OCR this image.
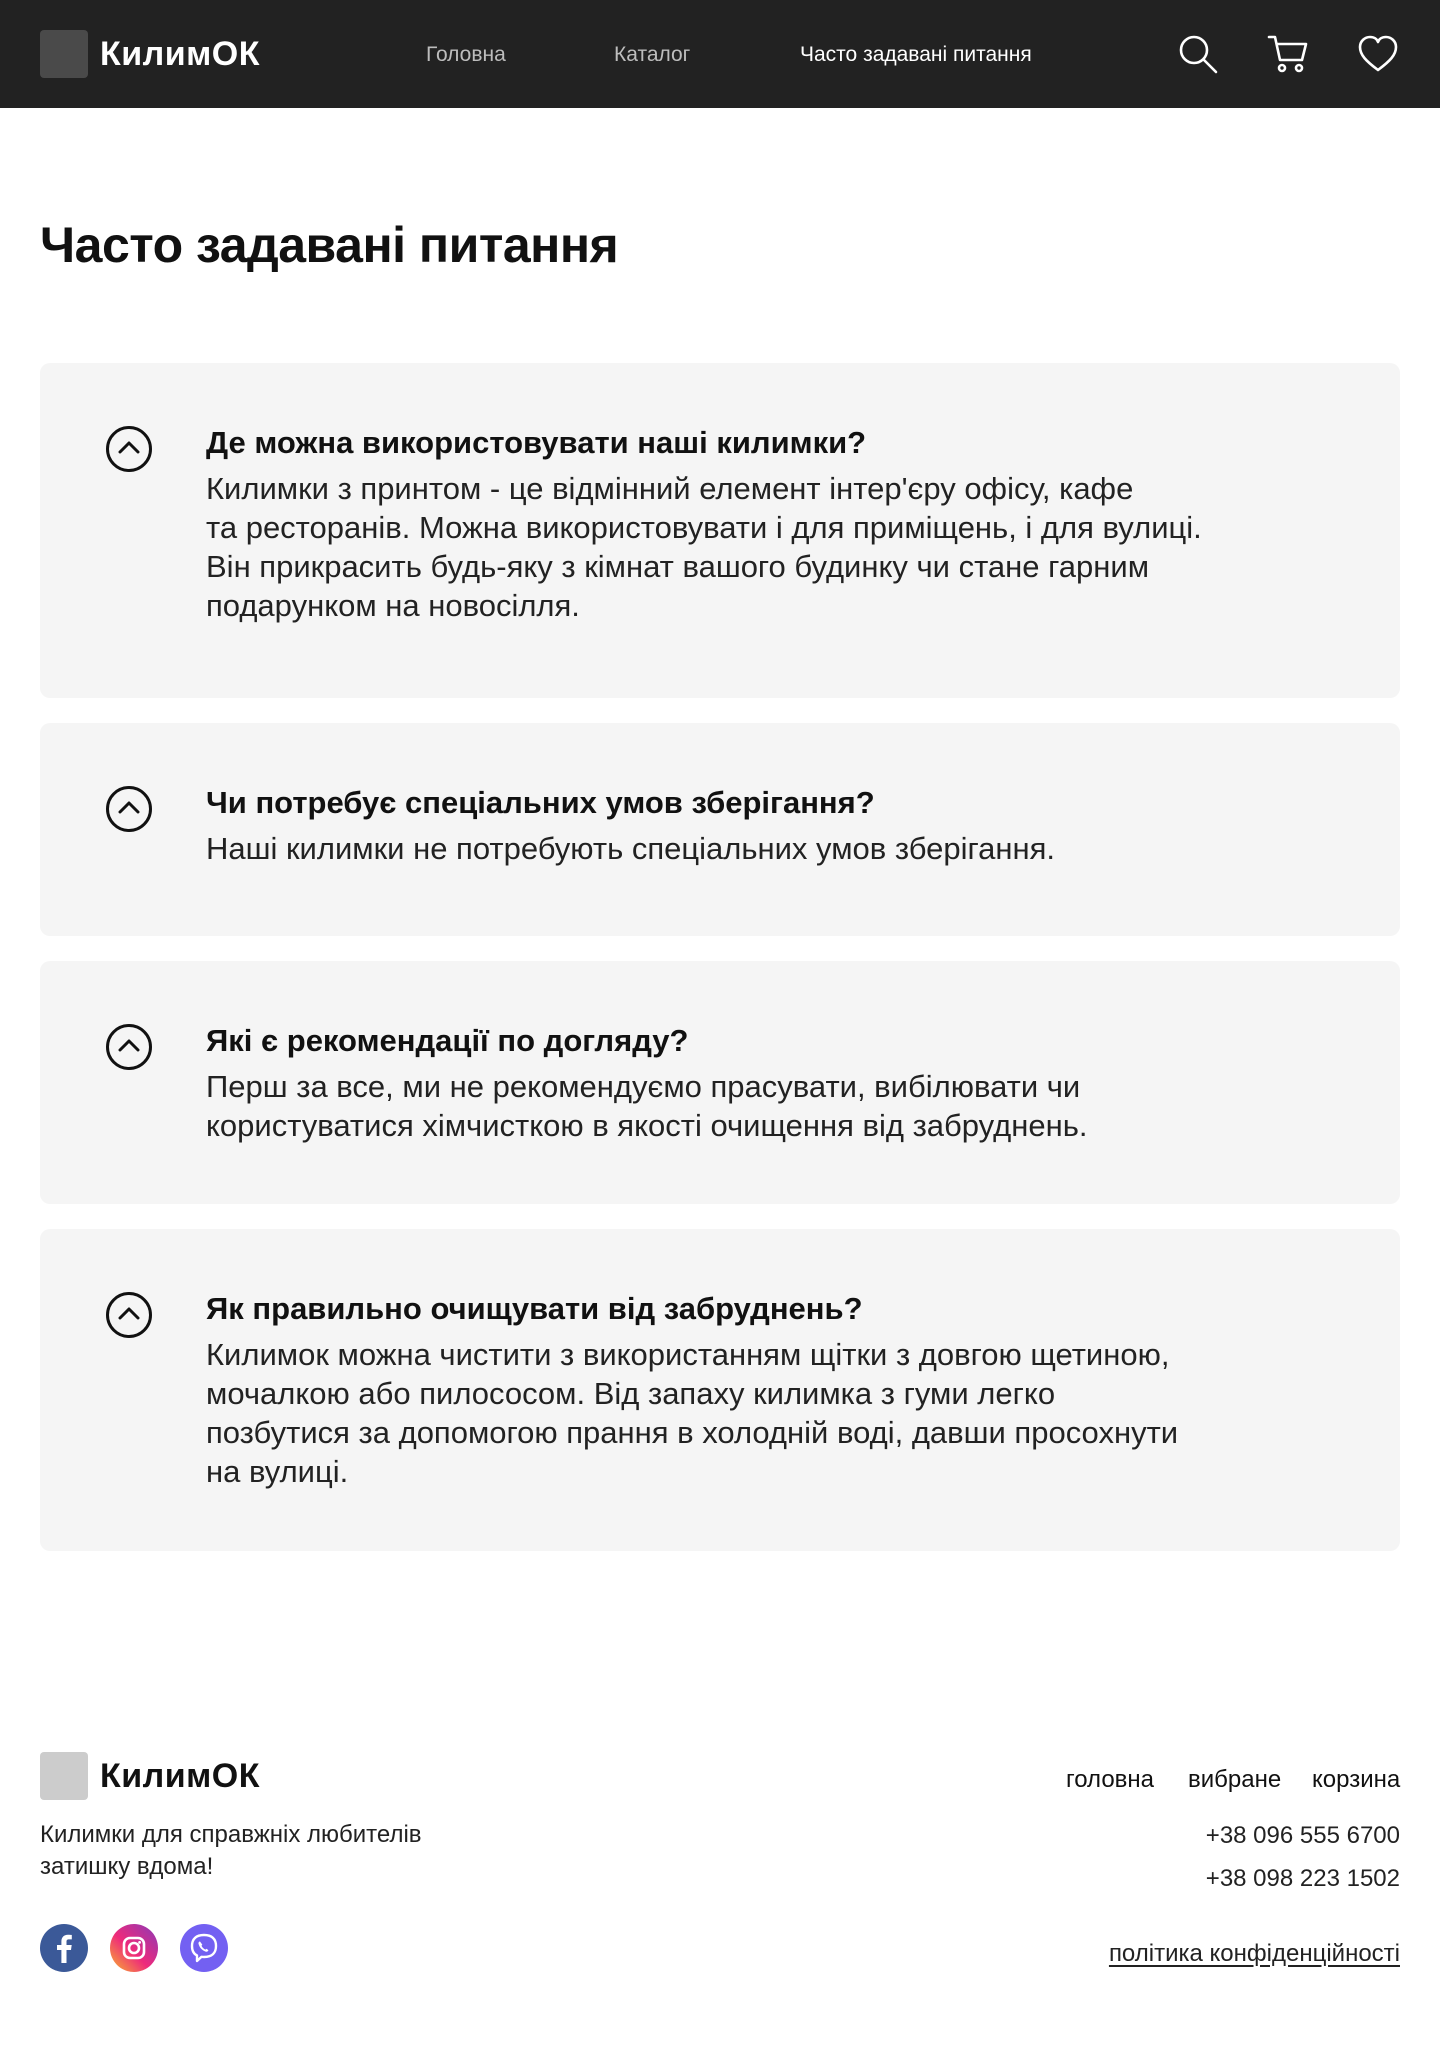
КилимОК	Головна	Каталог	Часто задавані питання
Часто задавані питання
Де можна використовувати наші килимки?
Килимки з принтом - це відмінний елемент інтер'єру офісу, кафе
та ресторанів. Можна використовувати і для приміщень, і для вулиці.
Він прикрасить будь-яку з кімнат вашого будинку чи стане гарним
подарунком на новосілля.
Чи потребує спеціальних умов зберігання?
Наші килимки не потребують спеціальних умов зберігання.
Які є рекомендації по догляду?
Перш за все, ми не рекомендуємо прасувати, вибілювати чи
користуватися хімчисткою в якості очищення від забруднень.
Як правильно очищувати від забруднень?
Килимок можна чистити з використанням щітки з довгою щетиною,
мочалкою або пилососом. Від запаху килимка з гуми легко
позбутися за допомогою прання в холодній воді, давши просохнути
на вулиці.
КилимОК
Килимки для справжніх любителів
затишку вдома!
головна вибране корзина
+38 096 555 6700
+38 098 223 1502
політика конфіденційності
